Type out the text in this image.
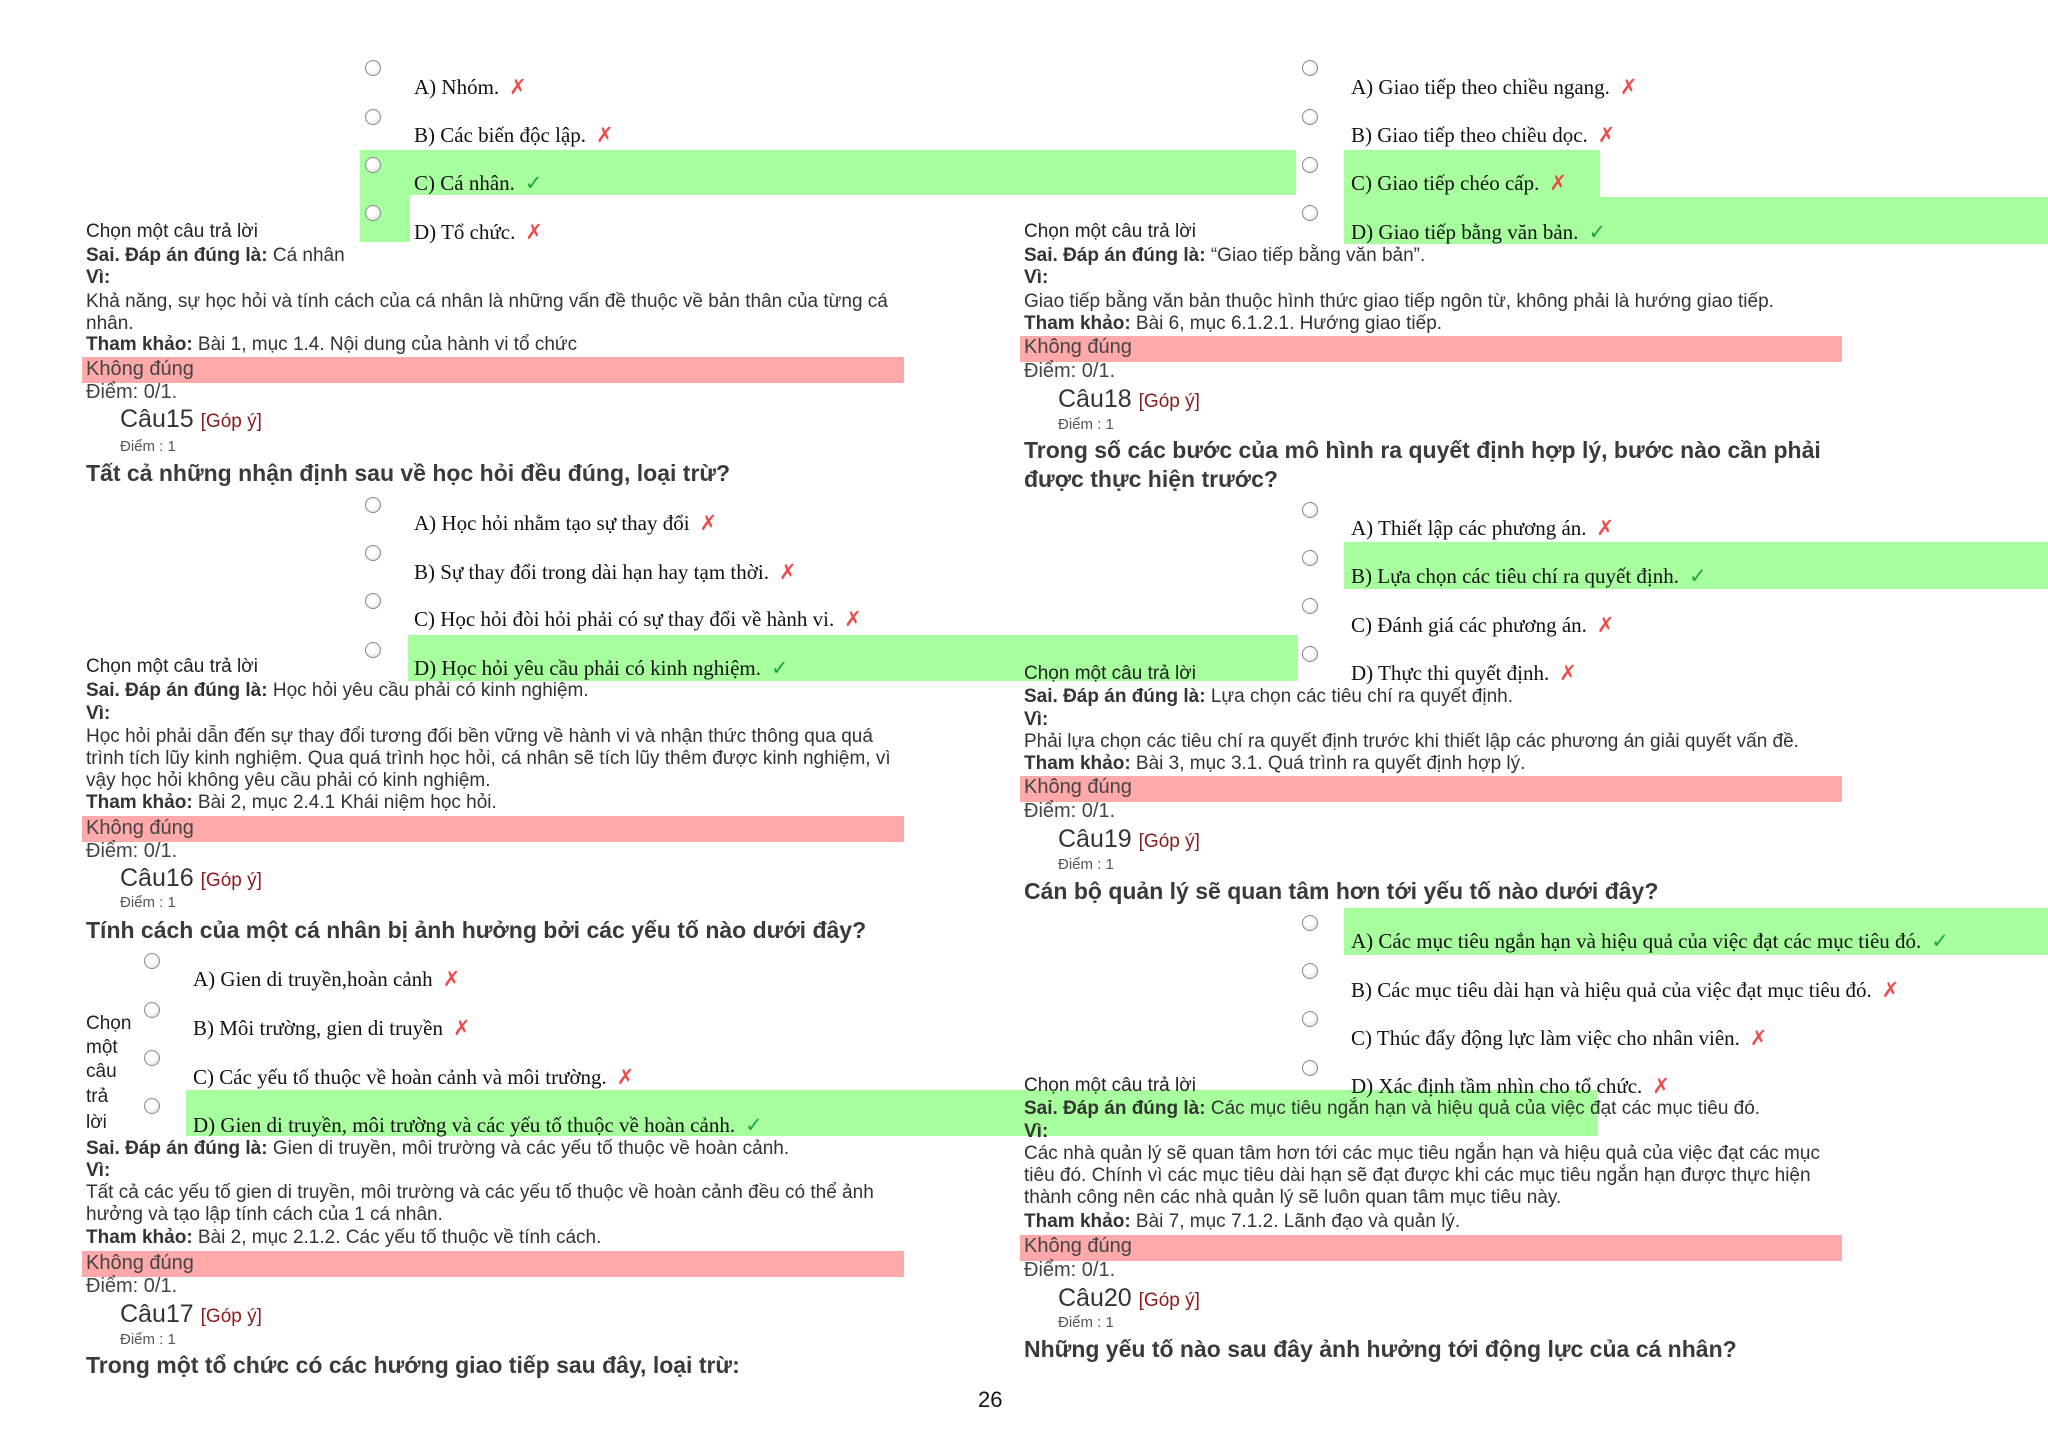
A) Nhóm. ✗
B) Các biến độc lập. ✗
C) Cá nhân. ✓
D) Tổ chức. ✗
Chọn một câu trả lời
Sai. Đáp án đúng là: Cá nhân
Vì:
Khả năng, sự học hỏi và tính cách của cá nhân là những vấn đề thuộc về bản thân của từng cá nhân.
Tham khảo: Bài 1, mục 1.4. Nội dung của hành vi tổ chức
Không đúng
Điểm: 0/1.
Câu15 [Góp ý]
Điểm : 1
Tất cả những nhận định sau về học hỏi đều đúng, loại trừ?
A) Học hỏi nhằm tạo sự thay đổi ✗
B) Sự thay đổi trong dài hạn hay tạm thời. ✗
C) Học hỏi đòi hỏi phải có sự thay đổi về hành vi. ✗
D) Học hỏi yêu cầu phải có kinh nghiệm. ✓
Chọn một câu trả lời
Sai. Đáp án đúng là: Học hỏi yêu cầu phải có kinh nghiệm.
Vì:
Học hỏi phải dẫn đến sự thay đổi tương đối bền vững về hành vi và nhận thức thông qua quá trình tích lũy kinh nghiệm. Qua quá trình học hỏi, cá nhân sẽ tích lũy thêm được kinh nghiệm, vì vậy học hỏi không yêu cầu phải có kinh nghiệm.
Tham khảo: Bài 2, mục 2.4.1 Khái niệm học hỏi.
Không đúng
Điểm: 0/1.
Câu16 [Góp ý]
Điểm : 1
Tính cách của một cá nhân bị ảnh hưởng bởi các yếu tố nào dưới đây?
A) Gien di truyền,hoàn cảnh ✗
B) Môi trường, gien di truyền ✗
C) Các yếu tố thuộc về hoàn cảnh và môi trường. ✗
D) Gien di truyền, môi trường và các yếu tố thuộc về hoàn cảnh. ✓
Chọn
một
câu
trả
lời
Sai. Đáp án đúng là: Gien di truyền, môi trường và các yếu tố thuộc về hoàn cảnh.
Vì:
Tất cả các yếu tố gien di truyền, môi trường và các yếu tố thuộc về hoàn cảnh đều có thể ảnh hưởng và tạo lập tính cách của 1 cá nhân.
Tham khảo: Bài 2, mục 2.1.2. Các yếu tố thuộc về tính cách.
Không đúng
Điểm: 0/1.
Câu17 [Góp ý]
Điểm : 1
Trong một tổ chức có các hướng giao tiếp sau đây, loại trừ:
A) Giao tiếp theo chiều ngang. ✗
B) Giao tiếp theo chiều dọc. ✗
C) Giao tiếp chéo cấp. ✗
D) Giao tiếp bằng văn bản. ✓
Chọn một câu trả lời
Sai. Đáp án đúng là: “Giao tiếp bằng văn bản”.
Vì:
Giao tiếp bằng văn bản thuộc hình thức giao tiếp ngôn từ, không phải là hướng giao tiếp.
Tham khảo: Bài 6, mục 6.1.2.1. Hướng giao tiếp.
Không đúng
Điểm: 0/1.
Câu18 [Góp ý]
Điểm : 1
Trong số các bước của mô hình ra quyết định hợp lý, bước nào cần phải được thực hiện trước?
A) Thiết lập các phương án. ✗
B) Lựa chọn các tiêu chí ra quyết định. ✓
C) Đánh giá các phương án. ✗
D) Thực thi quyết định. ✗
Chọn một câu trả lời
Sai. Đáp án đúng là: Lựa chọn các tiêu chí ra quyết định.
Vì:
Phải lựa chọn các tiêu chí ra quyết định trước khi thiết lập các phương án giải quyết vấn đề.
Tham khảo: Bài 3, mục 3.1. Quá trình ra quyết định hợp lý.
Không đúng
Điểm: 0/1.
Câu19 [Góp ý]
Điểm : 1
Cán bộ quản lý sẽ quan tâm hơn tới yếu tố nào dưới đây?
A) Các mục tiêu ngắn hạn và hiệu quả của việc đạt các mục tiêu đó. ✓
B) Các mục tiêu dài hạn và hiệu quả của việc đạt mục tiêu đó. ✗
C) Thúc đẩy động lực làm việc cho nhân viên. ✗
D) Xác định tầm nhìn cho tổ chức. ✗
Chọn một câu trả lời
Sai. Đáp án đúng là: Các mục tiêu ngắn hạn và hiệu quả của việc đạt các mục tiêu đó.
Vì:
Các nhà quản lý sẽ quan tâm hơn tới các mục tiêu ngắn hạn và hiệu quả của việc đạt các mục tiêu đó. Chính vì các mục tiêu dài hạn sẽ đạt được khi các mục tiêu ngắn hạn được thực hiện thành công nên các nhà quản lý sẽ luôn quan tâm mục tiêu này.
Tham khảo: Bài 7, mục 7.1.2. Lãnh đạo và quản lý.
Không đúng
Điểm: 0/1.
Câu20 [Góp ý]
Điểm : 1
Những yếu tố nào sau đây ảnh hưởng tới động lực của cá nhân?
26
